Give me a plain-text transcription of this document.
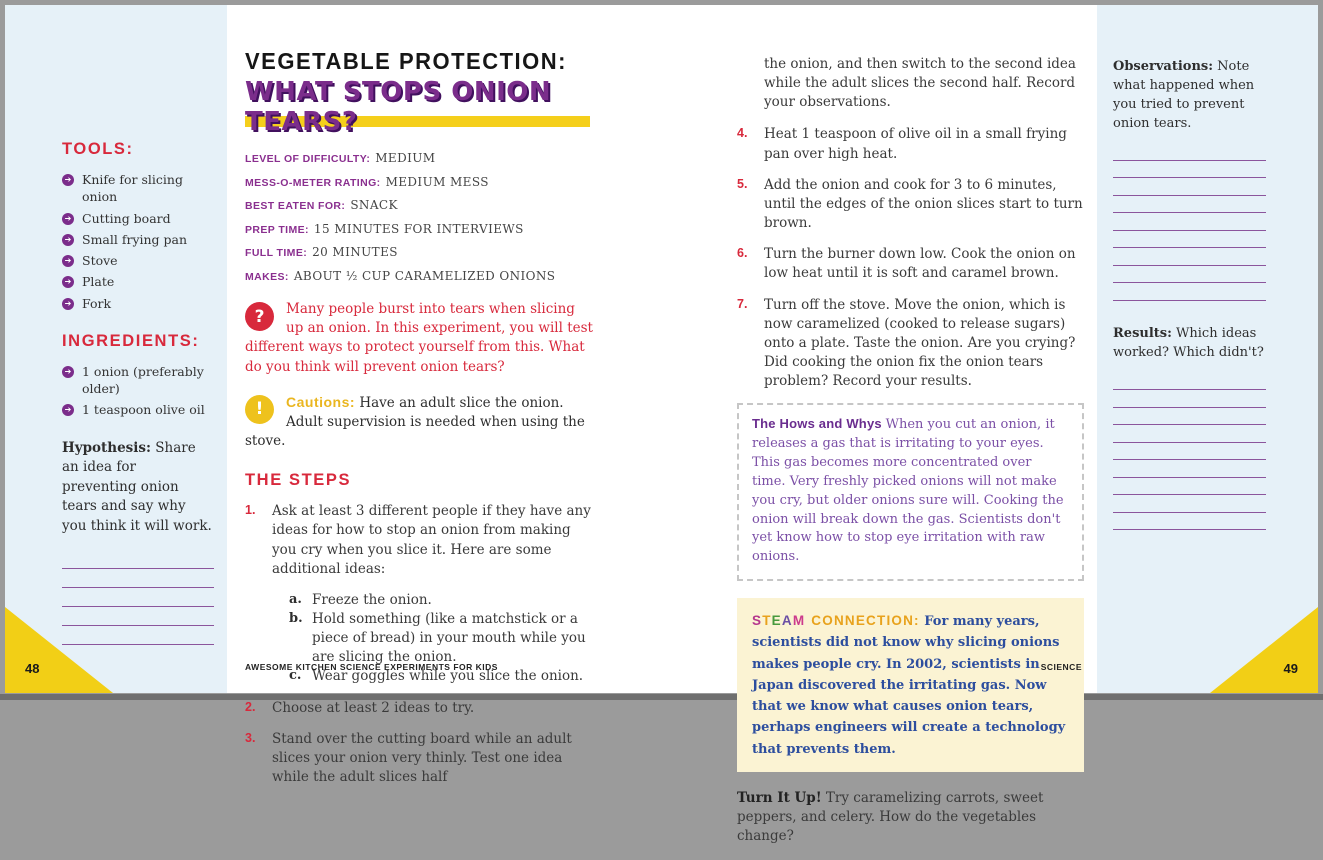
48	49
TOOLS:
➔ Knife for slicing onion
➔ Cutting board
➔ Small frying pan
➔ Stove
➔ Plate
➔ Fork
INGREDIENTS:
➔ 1 onion (preferably older)
➔ 1 teaspoon olive oil

Hypothesis: Share an idea for preventing onion tears and say why you think it will work.

VEGETABLE PROTECTION:
WHAT STOPS ONION TEARS?
LEVEL OF DIFFICULTY: MEDIUM
MESS-O-METER RATING: MEDIUM MESS
BEST EATEN FOR: SNACK
PREP TIME: 15 MINUTES FOR INTERVIEWS
FULL TIME: 20 MINUTES
MAKES: ABOUT ½ CUP CARAMELIZED ONIONS

?	Many people burst into tears when slicing up an onion. In this experiment, you will test different ways to protect yourself from this. What do you think will prevent onion tears?

!	Cautions: Have an adult slice the onion. Adult supervision is needed when using the stove.

THE STEPS
1.	Ask at least 3 different people if they have any ideas for how to stop an onion from making you cry when you slice it. Here are some additional ideas:
a. Freeze the onion.
b. Hold something (like a matchstick or a piece of bread) in your mouth while you are slicing the onion.
c. Wear goggles while you slice the onion.
2.	Choose at least 2 ideas to try.
3.	Stand over the cutting board while an adult slices your onion very thinly. Test one idea while the adult slices half

the onion, and then switch to the second idea while the adult slices the second half. Record your observations.

4.	Heat 1 teaspoon of olive oil in a small frying pan over high heat.
5.	Add the onion and cook for 3 to 6 minutes, until the edges of the onion slices start to turn brown.
6.	Turn the burner down low. Cook the onion on low heat until it is soft and caramel brown.
7.	Turn off the stove. Move the onion, which is now caramelized (cooked to release sugars) onto a plate. Taste the onion. Are you crying? Did cooking the onion fix the onion tears problem? Record your results.
The Hows and Whys When you cut an onion, it releases a gas that is irritating to your eyes. This gas becomes more concentrated over time. Very freshly picked onions will not make you cry, but older onions sure will. Cooking the onion will break down the gas. Scientists don't yet know how to stop eye irritation with raw onions.
STEAM CONNECTION: For many years, scientists did not know why slicing onions makes people cry. In 2002, scientists in Japan discovered the irritating gas. Now that we know what causes onion tears, perhaps engineers will create a technology that prevents them.

Turn It Up! Try caramelizing carrots, sweet peppers, and celery. How do the vegetables change?

Observations: Note what happened when you tried to prevent onion tears.

Results: Which ideas worked? Which didn't?

AWESOME KITCHEN SCIENCE EXPERIMENTS FOR KIDS	SCIENCE
